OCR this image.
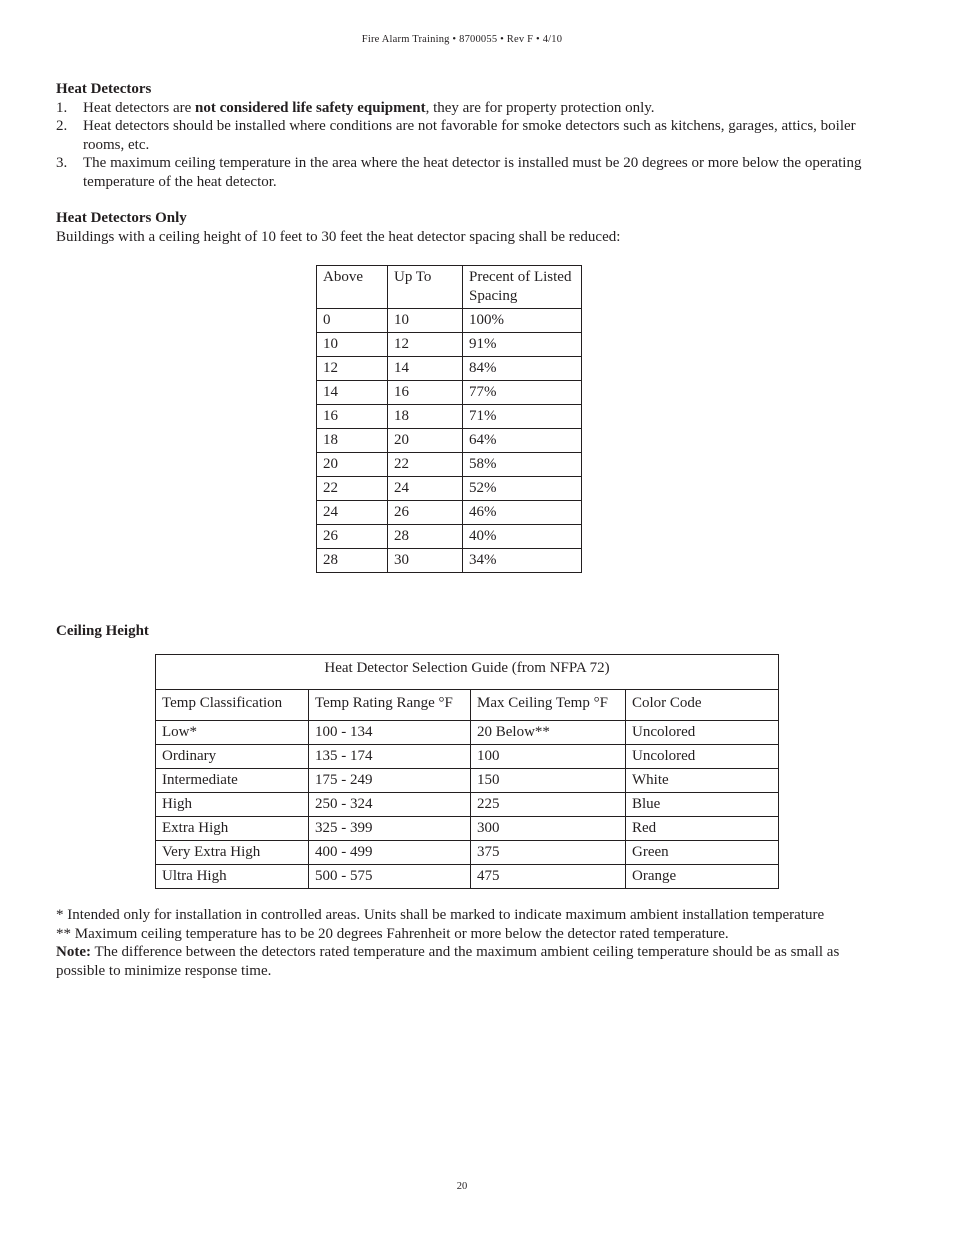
Fire Alarm Training • 8700055 • Rev F • 4/10
Heat Detectors
1. Heat detectors are not considered life safety equipment, they are for property protection only.
2. Heat detectors should be installed where conditions are not favorable for smoke detectors such as kitchens, garages, attics, boiler rooms, etc.
3. The maximum ceiling temperature in the area where the heat detector is installed must be 20 degrees or more below the operating temperature of the heat detector.
Heat Detectors Only

Buildings with a ceiling height of 10 feet to 30 feet the heat detector spacing shall be reduced:

Above	Up To	Precent of Listed Spacing
0	10	100%
10	12	91%
12	14	84%
14	16	77%
16	18	71%
18	20	64%
20	22	58%
22	24	52%
24	26	46%
26	28	40%
28	30	34%
Ceiling Height
Heat Detector Selection Guide (from NFPA 72)			
Temp Classification	Temp Rating Range °F	Max Ceiling Temp °F	Color Code
Low*	100 - 134	20 Below**	Uncolored
Ordinary	135 - 174	100	Uncolored
Intermediate	175 - 249	150	White
High	250 - 324	225	Blue
Extra High	325 - 399	300	Red
Very Extra High	400 - 499	375	Green
Ultra High	500 - 575	475	Orange

* Intended only for installation in controlled areas. Units shall be marked to indicate maximum ambient installation temperature

** Maximum ceiling temperature has to be 20 degrees Fahrenheit or more below the detector rated temperature.

Note: The difference between the detectors rated temperature and the maximum ambient ceiling temperature should be as small as possible to minimize response time.

20
